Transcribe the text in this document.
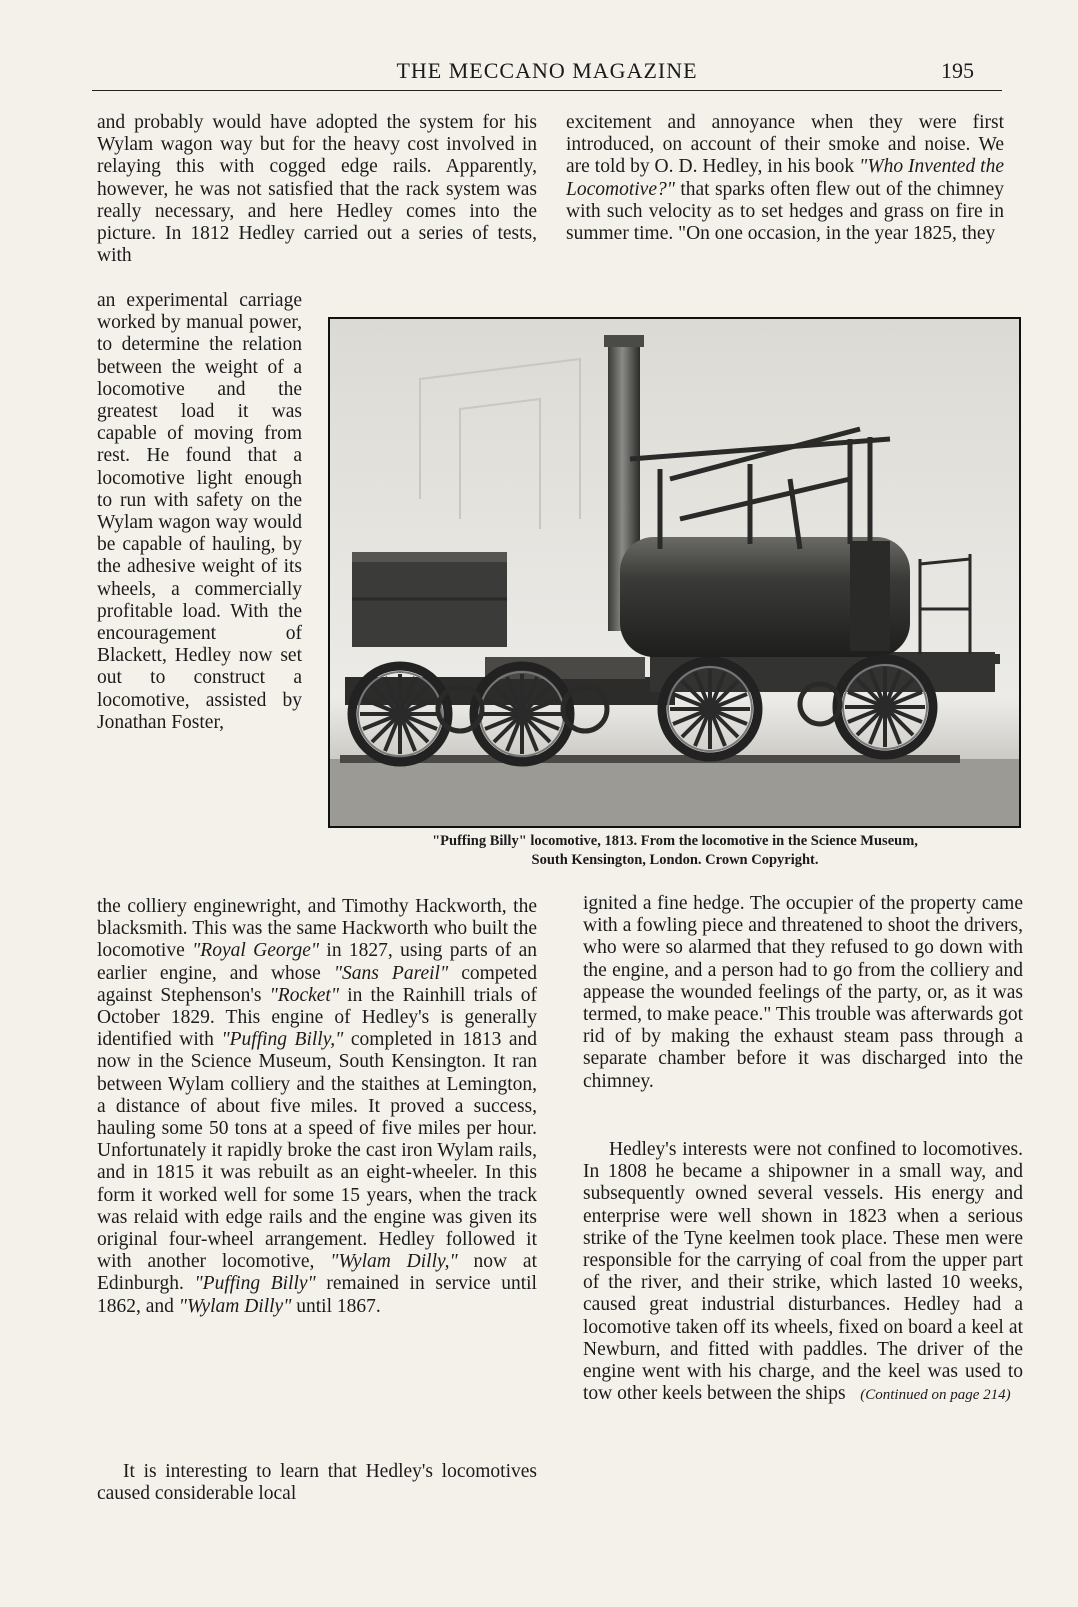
THE MECCANO MAGAZINE	195

and probably would have adopted the system for his Wylam wagon way but for the heavy cost involved in relaying this with cogged edge rails. Apparently, however, he was not satisfied that the rack system was really necessary, and here Hedley comes into the picture. In 1812 Hedley carried out a series of tests, with

excitement and annoyance when they were first introduced, on account of their smoke and noise. We are told by O. D. Hedley, in his book "Who Invented the Locomotive?" that sparks often flew out of the chimney with such velocity as to set hedges and grass on fire in summer time. "On one occasion, in the year 1825, they

an experimental carriage worked by manual power, to determine the relation between the weight of a locomotive and the greatest load it was capable of moving from rest. He found that a locomotive light enough to run with safety on the Wylam wagon way would be capable of hauling, by the adhesive weight of its wheels, a commercially profitable load. With the encouragement of Blackett, Hedley now set out to construct a locomotive, assisted by Jonathan Foster,

"Puffing Billy" locomotive, 1813. From the locomotive in the Science Museum,
South Kensington, London. Crown Copyright.

the colliery enginewright, and Timothy Hackworth, the blacksmith. This was the same Hackworth who built the locomotive "Royal George" in 1827, using parts of an earlier engine, and whose "Sans Pareil" competed against Stephenson's "Rocket" in the Rainhill trials of October 1829. This engine of Hedley's is generally identified with "Puffing Billy," completed in 1813 and now in the Science Museum, South Kensington. It ran between Wylam colliery and the staithes at Lemington, a distance of about five miles. It proved a success, hauling some 50 tons at a speed of five miles per hour. Unfortunately it rapidly broke the cast iron Wylam rails, and in 1815 it was rebuilt as an eight-wheeler. In this form it worked well for some 15 years, when the track was relaid with edge rails and the engine was given its original four-wheel arrangement. Hedley followed it with another locomotive, "Wylam Dilly," now at Edinburgh. "Puffing Billy" remained in service until 1862, and "Wylam Dilly" until 1867.

It is interesting to learn that Hedley's locomotives caused considerable local

ignited a fine hedge. The occupier of the property came with a fowling piece and threatened to shoot the drivers, who were so alarmed that they refused to go down with the engine, and a person had to go from the colliery and appease the wounded feelings of the party, or, as it was termed, to make peace." This trouble was afterwards got rid of by making the exhaust steam pass through a separate chamber before it was discharged into the chimney.

Hedley's interests were not confined to locomotives. In 1808 he became a shipowner in a small way, and subsequently owned several vessels. His energy and enterprise were well shown in 1823 when a serious strike of the Tyne keelmen took place. These men were responsible for the carrying of coal from the upper part of the river, and their strike, which lasted 10 weeks, caused great industrial disturbances. Hedley had a locomotive taken off its wheels, fixed on board a keel at Newburn, and fitted with paddles. The driver of the engine went with his charge, and the keel was used to tow other keels between the ships (Continued on page 214)
